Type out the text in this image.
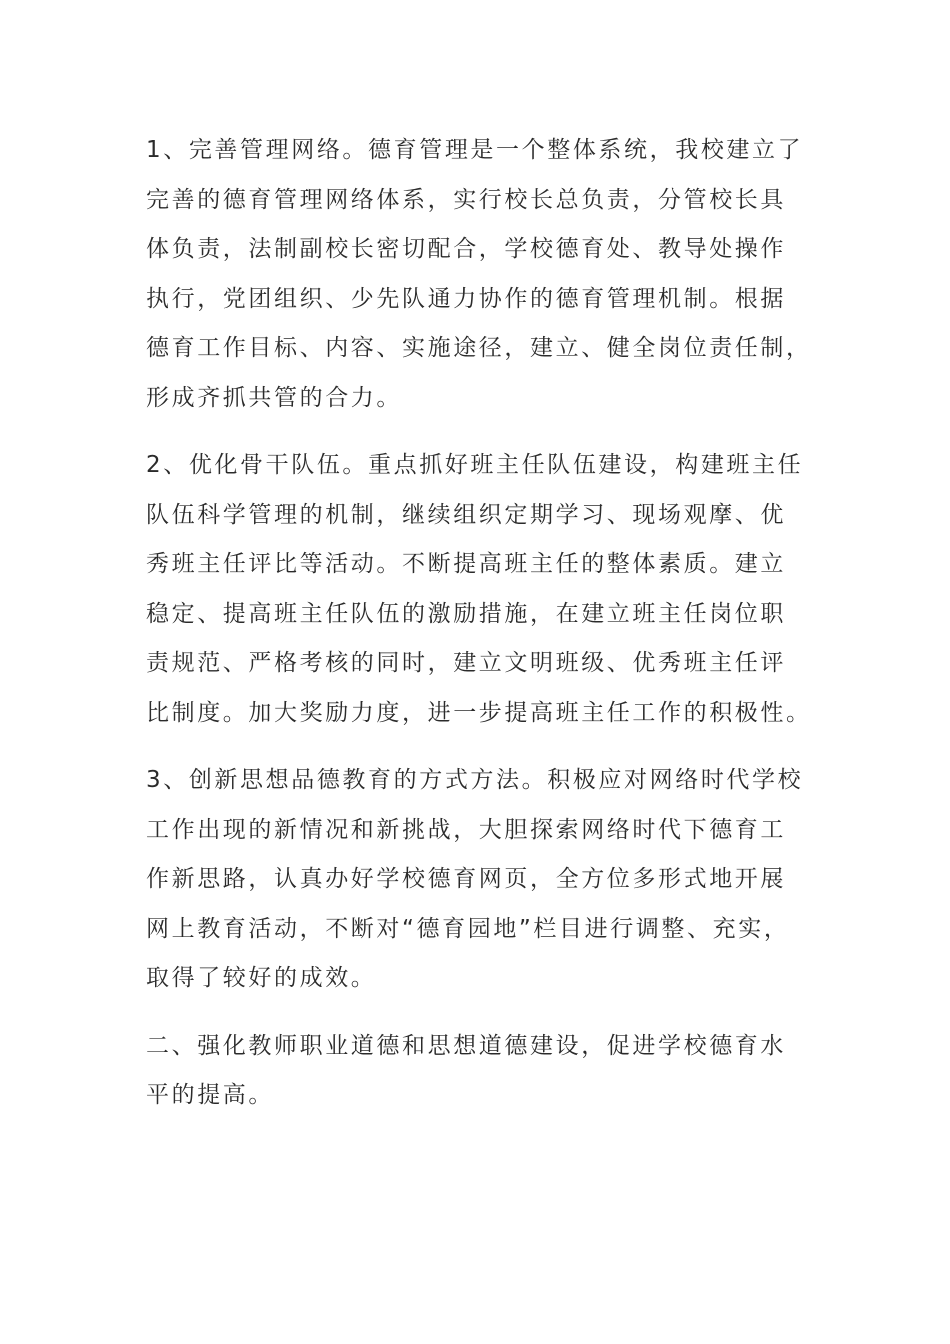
1、完善管理网络。德育管理是一个整体系统，我校建立了
完善的德育管理网络体系，实行校长总负责，分管校长具
体负责，法制副校长密切配合，学校德育处、教导处操作
执行，党团组织、少先队通力协作的德育管理机制。根据
德育工作目标、内容、实施途径，建立、健全岗位责任制，
形成齐抓共管的合力。

2、优化骨干队伍。重点抓好班主任队伍建设，构建班主任
队伍科学管理的机制，继续组织定期学习、现场观摩、优
秀班主任评比等活动。不断提高班主任的整体素质。建立
稳定、提高班主任队伍的激励措施，在建立班主任岗位职
责规范、严格考核的同时，建立文明班级、优秀班主任评
比制度。加大奖励力度，进一步提高班主任工作的积极性。

3、创新思想品德教育的方式方法。积极应对网络时代学校
工作出现的新情况和新挑战，大胆探索网络时代下德育工
作新思路，认真办好学校德育网页，全方位多形式地开展
网上教育活动，不断对“德育园地”栏目进行调整、充实，
取得了较好的成效。

二、强化教师职业道德和思想道德建设，促进学校德育水
平的提高。
